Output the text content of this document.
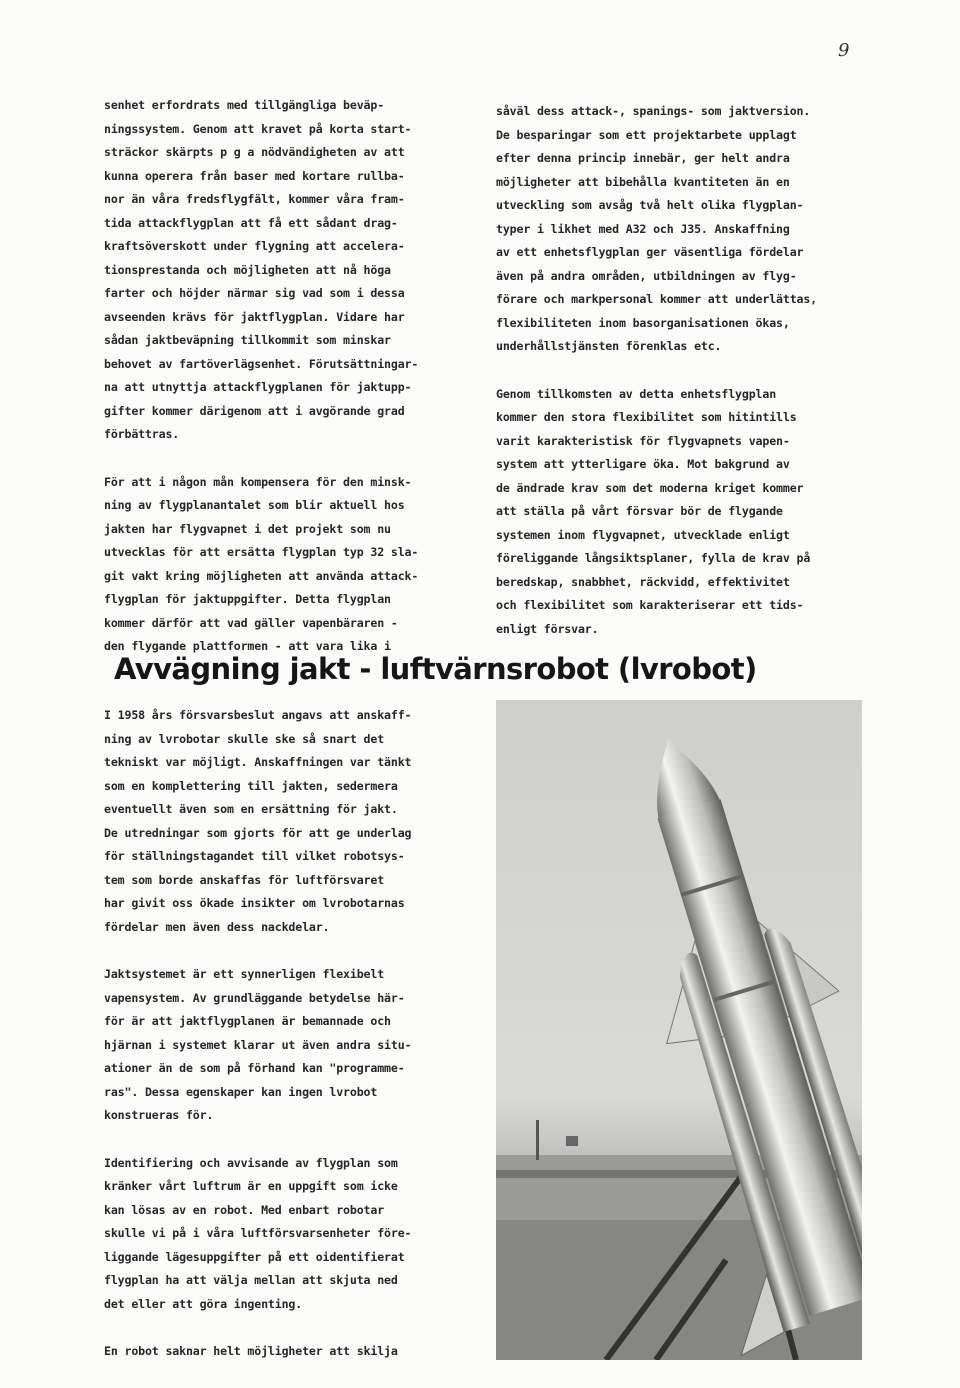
9

senhet erfordrats med tillgängliga beväp-
ningssystem. Genom att kravet på korta start-
sträckor skärpts p g a nödvändigheten av att
kunna operera från baser med kortare rullba-
nor än våra fredsflygfält, kommer våra fram-
tida attackflygplan att få ett sådant drag-
kraftsöverskott under flygning att accelera-
tionsprestanda och möjligheten att nå höga
farter och höjder närmar sig vad som i dessa
avseenden krävs för jaktflygplan. Vidare har
sådan jaktbeväpning tillkommit som minskar
behovet av fartöverlägsenhet. Förutsättningar-
na att utnyttja attackflygplanen för jaktupp-
gifter kommer därigenom att i avgörande grad
förbättras.

För att i någon mån kompensera för den minsk-
ning av flygplanantalet som blir aktuell hos
jakten har flygvapnet i det projekt som nu
utvecklas för att ersätta flygplan typ 32 sla-
git vakt kring möjligheten att använda attack-
flygplan för jaktuppgifter. Detta flygplan
kommer därför att vad gäller vapenbäraren -
den flygande plattformen - att vara lika i

såväl dess attack-, spanings- som jaktversion.
De besparingar som ett projektarbete upplagt
efter denna princip innebär, ger helt andra
möjligheter att bibehålla kvantiteten än en
utveckling som avsåg två helt olika flygplan-
typer i likhet med A32 och J35. Anskaffning
av ett enhetsflygplan ger väsentliga fördelar
även på andra områden, utbildningen av flyg-
förare och markpersonal kommer att underlättas,
flexibiliteten inom basorganisationen ökas,
underhållstjänsten förenklas etc.

Genom tillkomsten av detta enhetsflygplan
kommer den stora flexibilitet som hitintills
varit karakteristisk för flygvapnets vapen-
system att ytterligare öka. Mot bakgrund av
de ändrade krav som det moderna kriget kommer
att ställa på vårt försvar bör de flygande
systemen inom flygvapnet, utvecklade enligt
föreliggande långsiktsplaner, fylla de krav på
beredskap, snabbhet, räckvidd, effektivitet
och flexibilitet som karakteriserar ett tids-
enligt försvar.

Avvägning jakt - luftvärnsrobot (lvrobot)

I 1958 års försvarsbeslut angavs att anskaff-
ning av lvrobotar skulle ske så snart det
tekniskt var möjligt. Anskaffningen var tänkt
som en komplettering till jakten, sedermera
eventuellt även som en ersättning för jakt.
De utredningar som gjorts för att ge underlag
för ställningstagandet till vilket robotsys-
tem som borde anskaffas för luftförsvaret
har givit oss ökade insikter om lvrobotarnas
fördelar men även dess nackdelar.

Jaktsystemet är ett synnerligen flexibelt
vapensystem. Av grundläggande betydelse här-
för är att jaktflygplanen är bemannade och
hjärnan i systemet klarar ut även andra situ-
ationer än de som på förhand kan "programme-
ras". Dessa egenskaper kan ingen lvrobot
konstrueras för.

Identifiering och avvisande av flygplan som
kränker vårt luftrum är en uppgift som icke
kan lösas av en robot. Med enbart robotar
skulle vi på i våra luftförsvarsenheter före-
liggande lägesuppgifter på ett oidentifierat
flygplan ha att välja mellan att skjuta ned
det eller att göra ingenting.

En robot saknar helt möjligheter att skilja
